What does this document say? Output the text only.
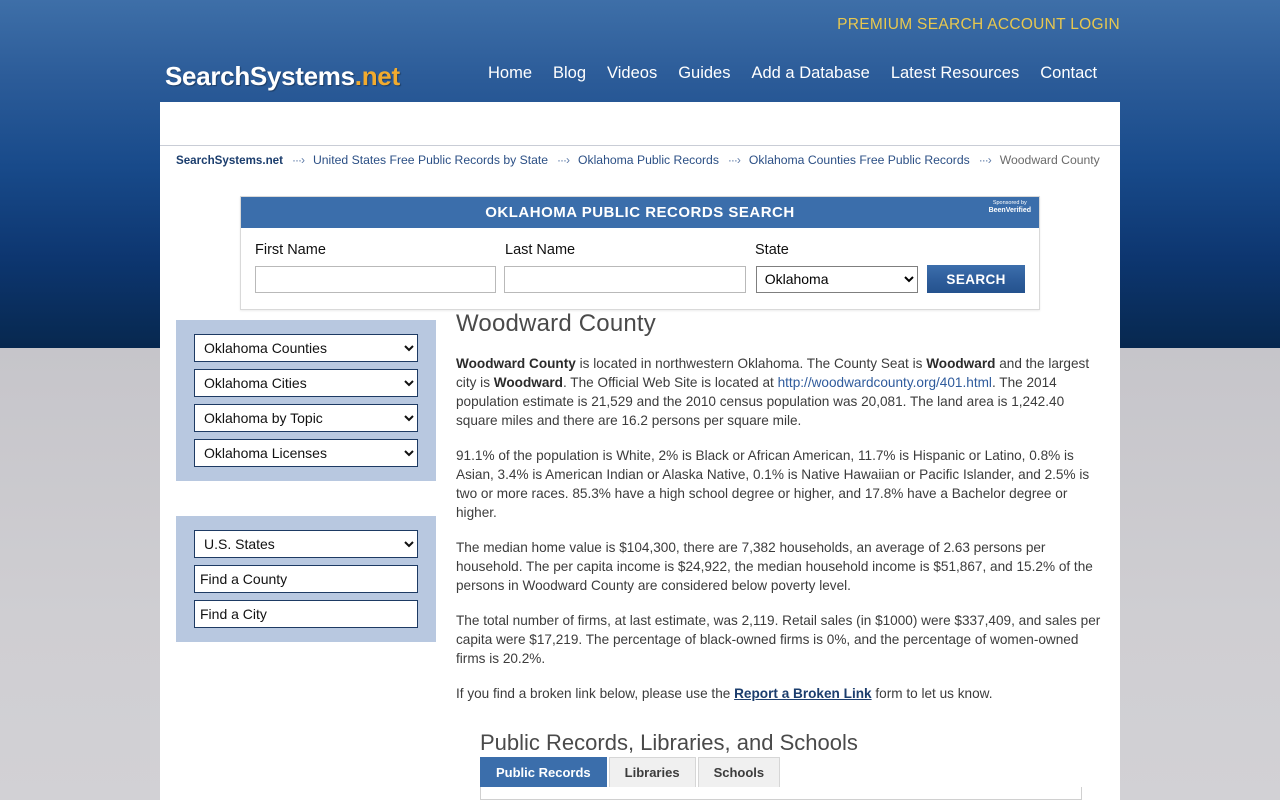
PREMIUM SEARCH ACCOUNT LOGIN
SearchSystems.net	Home Blog Videos Guides Add a Database Latest Resources Contact
SearchSystems.net ···› United States Free Public Records by State ···› Oklahoma Public Records ···› Oklahoma Counties Free Public Records ···› Woodward County
OKLAHOMA PUBLIC RECORDS SEARCH
Sponsored by
BeenVerified
First Name	Last Name	State
Oklahoma
SEARCH
Oklahoma Counties
Oklahoma Cities
Oklahoma by Topic
Oklahoma Licenses
U.S. States
Find a County
Find a City
Woodward County

Woodward County is located in northwestern Oklahoma. The County Seat is Woodward and the largest city is Woodward. The Official Web Site is located at http://woodwardcounty.org/401.html. The 2014 population estimate is 21,529 and the 2010 census population was 20,081. The land area is 1,242.40 square miles and there are 16.2 persons per square mile.

91.1% of the population is White, 2% is Black or African American, 11.7% is Hispanic or Latino, 0.8% is Asian, 3.4% is American Indian or Alaska Native, 0.1% is Native Hawaiian or Pacific Islander, and 2.5% is two or more races. 85.3% have a high school degree or higher, and 17.8% have a Bachelor degree or higher.

The median home value is $104,300, there are 7,382 households, an average of 2.63 persons per household. The per capita income is $24,922, the median household income is $51,867, and 15.2% of the persons in Woodward County are considered below poverty level.

The total number of firms, at last estimate, was 2,119. Retail sales (in $1000) were $337,409, and sales per capita were $17,219. The percentage of black-owned firms is 0%, and the percentage of women-owned firms is 20.2%.

If you find a broken link below, please use the Report a Broken Link form to let us know.

Public Records, Libraries, and Schools
Public Records	Libraries	Schools
